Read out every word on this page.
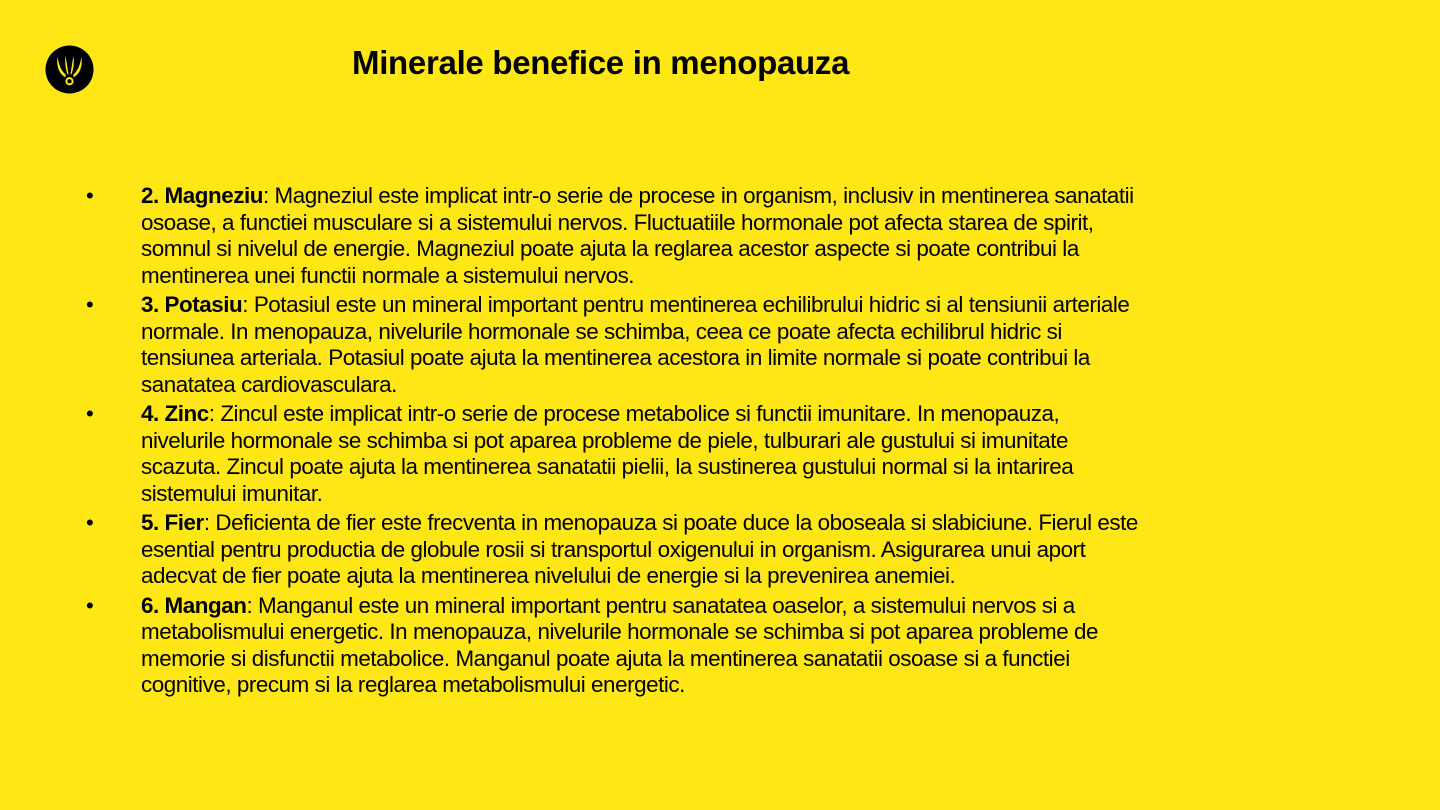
Minerale benefice in menopauza
• 2. Magneziu: Magneziul este implicat intr-o serie de procese in organism, inclusiv in mentinerea sanatatii
osoase, a functiei musculare si a sistemului nervos. Fluctuatiile hormonale pot afecta starea de spirit,
somnul si nivelul de energie. Magneziul poate ajuta la reglarea acestor aspecte si poate contribui la
mentinerea unei functii normale a sistemului nervos.
• 3. Potasiu: Potasiul este un mineral important pentru mentinerea echilibrului hidric si al tensiunii arteriale
normale. In menopauza, nivelurile hormonale se schimba, ceea ce poate afecta echilibrul hidric si
tensiunea arteriala. Potasiul poate ajuta la mentinerea acestora in limite normale si poate contribui la
sanatatea cardiovasculara.
• 4. Zinc: Zincul este implicat intr-o serie de procese metabolice si functii imunitare. In menopauza,
nivelurile hormonale se schimba si pot aparea probleme de piele, tulburari ale gustului si imunitate
scazuta. Zincul poate ajuta la mentinerea sanatatii pielii, la sustinerea gustului normal si la intarirea
sistemului imunitar.
• 5. Fier: Deficienta de fier este frecventa in menopauza si poate duce la oboseala si slabiciune. Fierul este
esential pentru productia de globule rosii si transportul oxigenului in organism. Asigurarea unui aport
adecvat de fier poate ajuta la mentinerea nivelului de energie si la prevenirea anemiei.
• 6. Mangan: Manganul este un mineral important pentru sanatatea oaselor, a sistemului nervos si a
metabolismului energetic. In menopauza, nivelurile hormonale se schimba si pot aparea probleme de
memorie si disfunctii metabolice. Manganul poate ajuta la mentinerea sanatatii osoase si a functiei
cognitive, precum si la reglarea metabolismului energetic.
